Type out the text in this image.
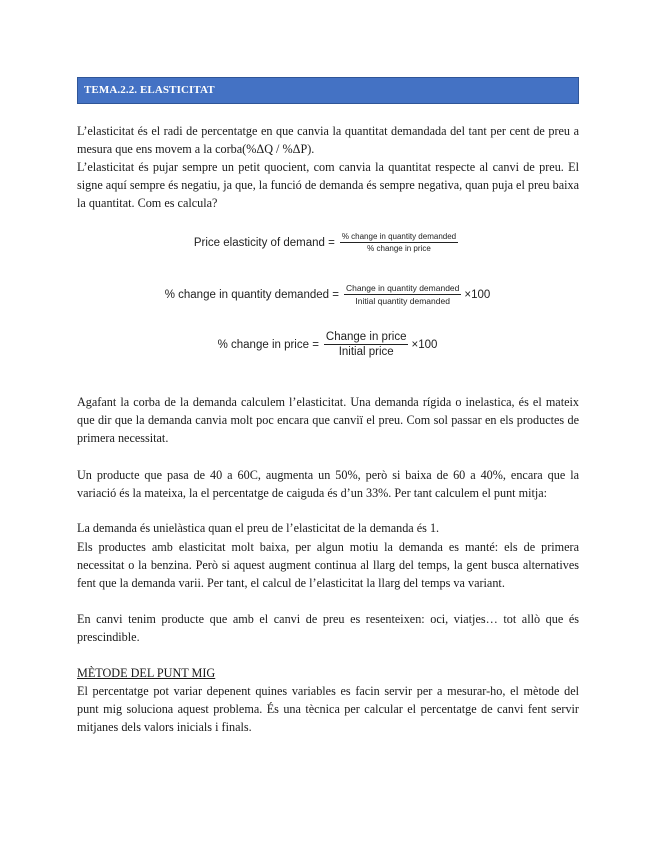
TEMA.2.2. ELASTICITAT

L’elasticitat és el radi de percentatge en que canvia la quantitat demandada del tant per cent de preu a mesura que ens movem a la corba(%ΔQ / %ΔP).

L’elasticitat és pujar sempre un petit quocient, com canvia la quantitat respecte al canvi de preu. El signe aquí sempre és negatiu, ja que, la funció de demanda és sempre negativa, quan puja el preu baixa la quantitat. Com es calcula?

Price elasticity of demand = $\frac{\text{\% change in quantity demanded}}{\text{\% change in price}}$
% change in quantity demanded = $\frac{\text{Change in quantity demanded}}{\text{Initial quantity demanded}} \times 100$
% change in price = $\frac{\text{Change in price}}{\text{Initial price}} \times 100$

Agafant la corba de la demanda calculem l’elasticitat. Una demanda rígida o inelastica, és el mateix que dir que la demanda canvia molt poc encara que canviï el preu. Com sol passar en els productes de primera necessitat.

Un producte que pasa de 40 a 60C, augmenta un 50%, però si baixa de 60 a 40%, encara que la variació és la mateixa, la el percentatge de caiguda és d’un 33%. Per tant calculem el punt mitja:

La demanda és unielàstica quan el preu de l’elasticitat de la demanda és 1.

Els productes amb elasticitat molt baixa, per algun motiu la demanda es manté: els de primera necessitat o la benzina. Però si aquest augment continua al llarg del temps, la gent busca alternatives fent que la demanda varii. Per tant, el calcul de l’elasticitat la llarg del temps va variant.

En canvi tenim producte que amb el canvi de preu es resenteixen: oci, viatjes… tot allò que és prescindible.

MÈTODE DEL PUNT MIG

El percentatge pot variar depenent quines variables es facin servir per a mesurar-ho, el mètode del punt mig soluciona aquest problema. És una tècnica per calcular el percentatge de canvi fent servir mitjanes dels valors inicials i finals.
